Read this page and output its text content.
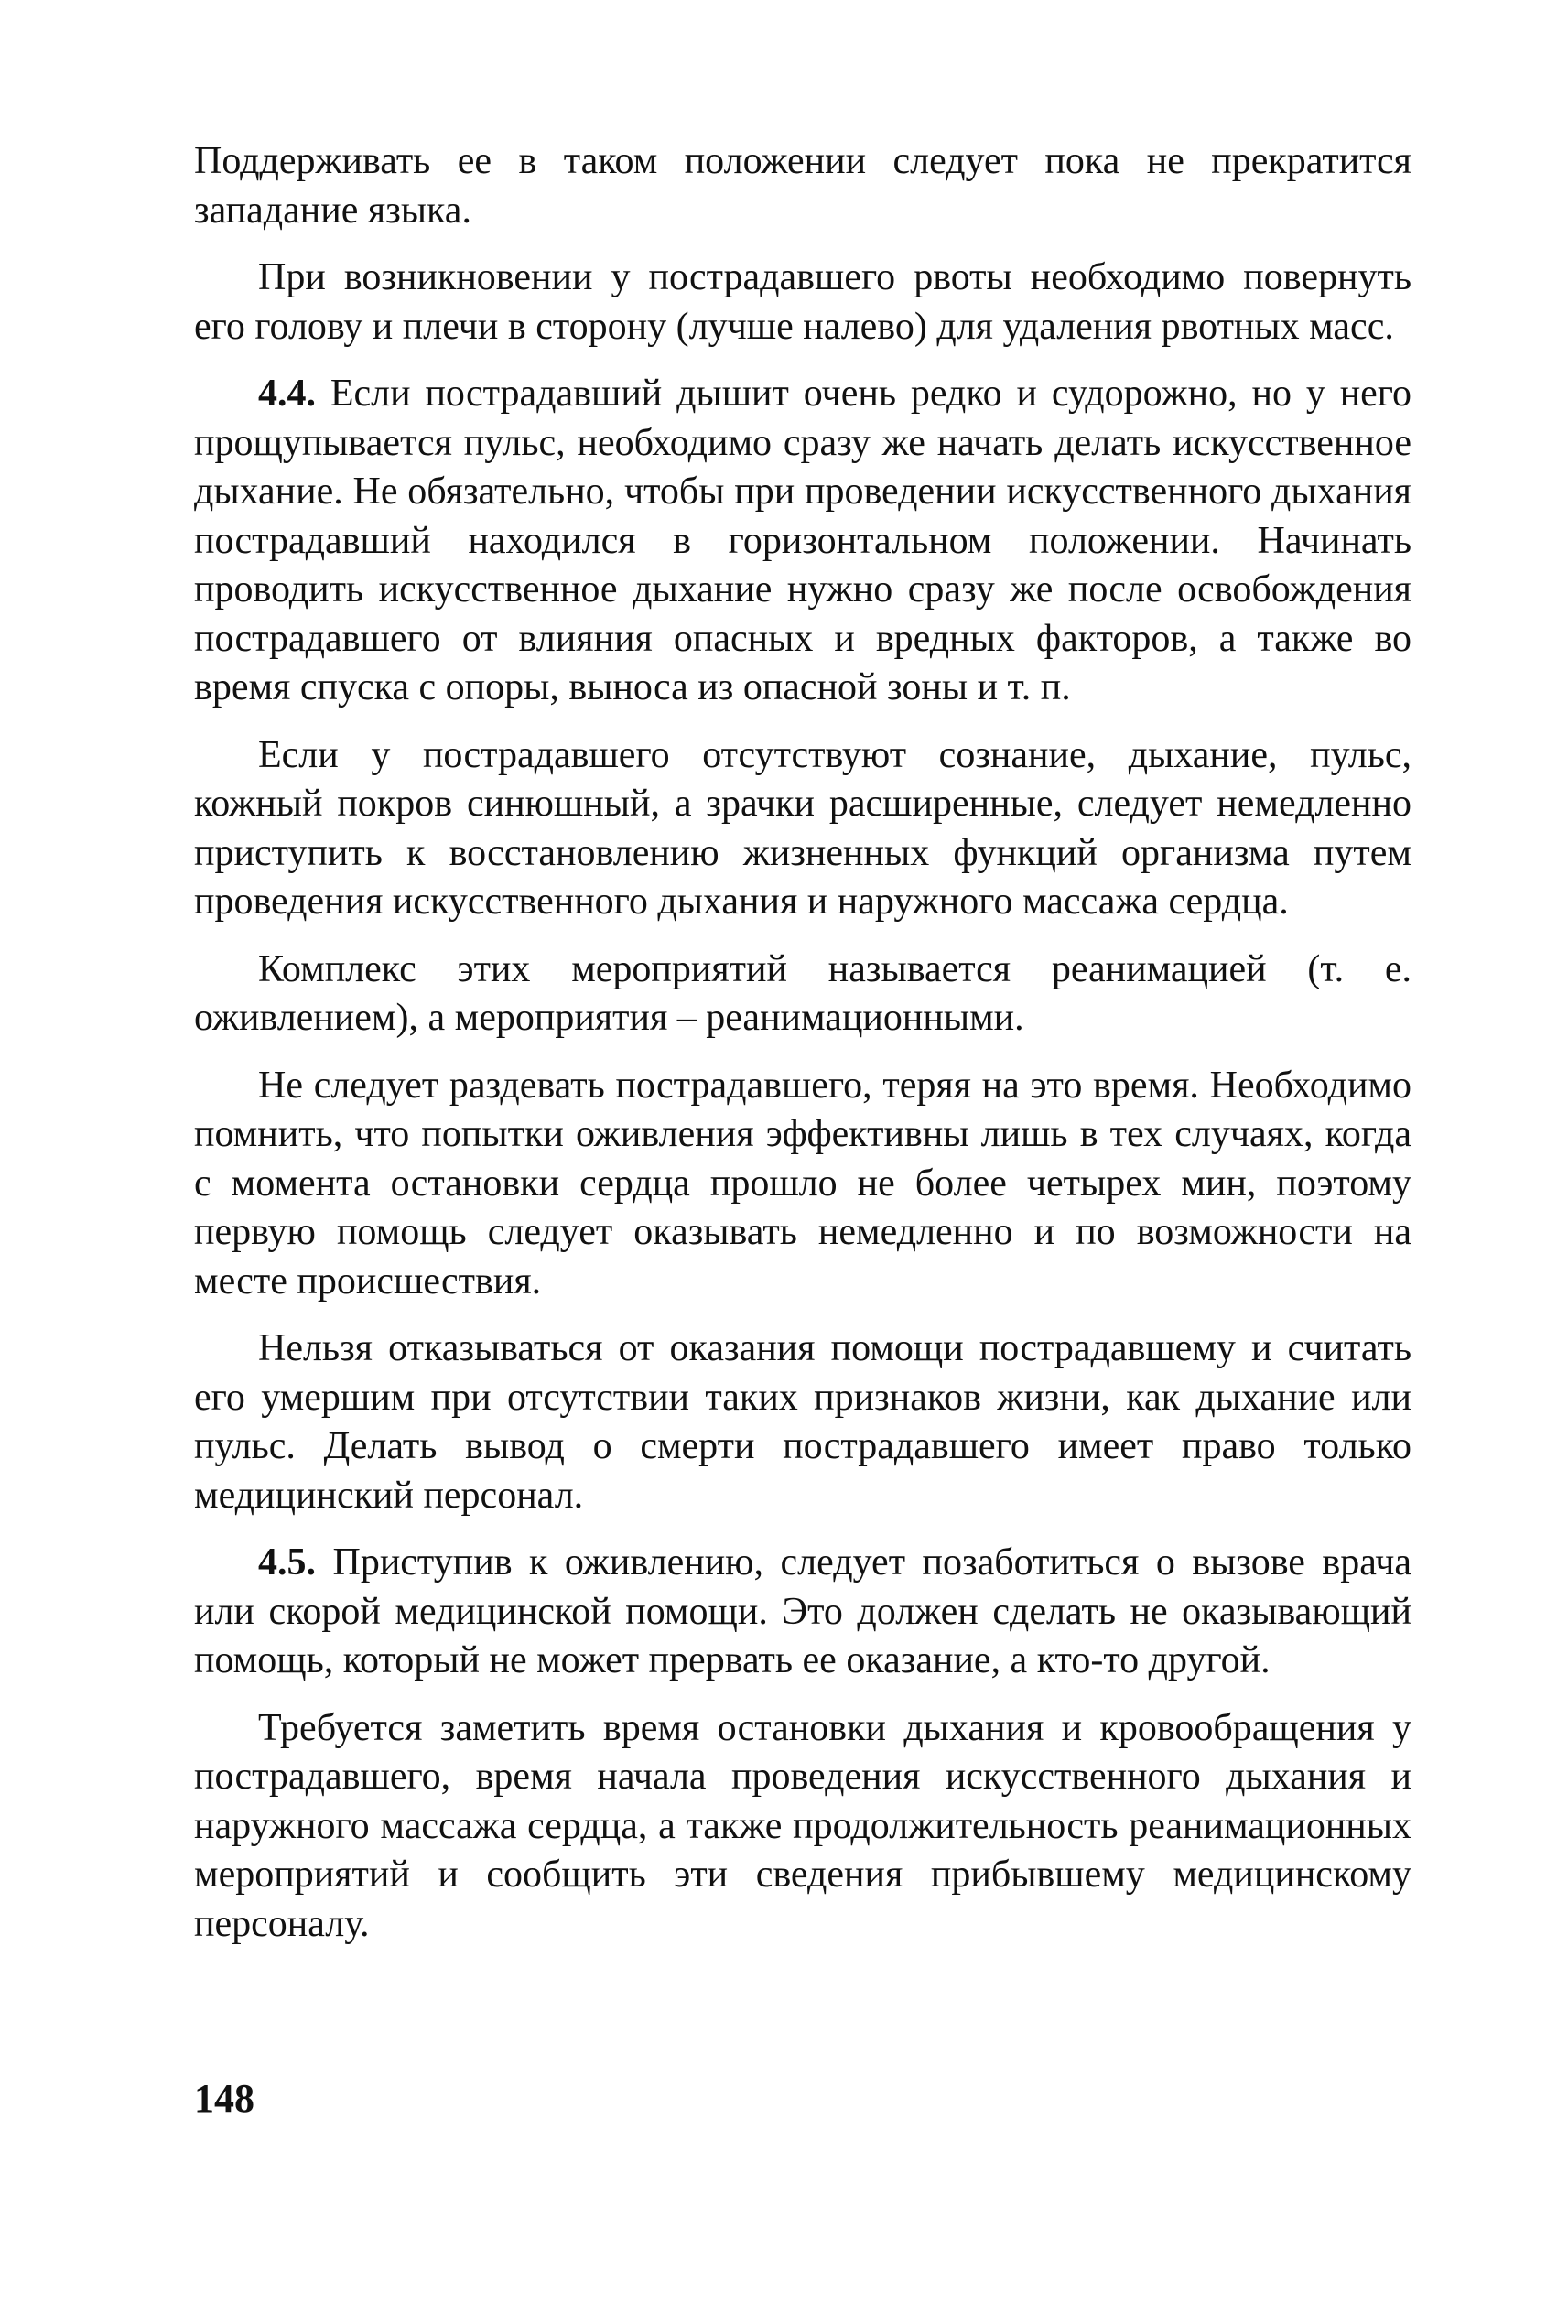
Поддерживать ее в таком положении следует пока не прекратится западание языка.

При возникновении у пострадавшего рвоты необходимо повернуть его голову и плечи в сторону (лучше налево) для удаления рвотных масс.

4.4. Если пострадавший дышит очень редко и судорожно, но у него прощупывается пульс, необходимо сразу же начать делать искусственное дыхание. Не обязательно, чтобы при проведении искусственного дыхания пострадавший находился в горизонтальном положении. Начинать проводить искусственное дыхание нужно сразу же после освобождения пострадавшего от влияния опасных и вредных факторов, а также во время спуска с опоры, выноса из опасной зоны и т. п.

Если у пострадавшего отсутствуют сознание, дыхание, пульс, кожный покров синюшный, а зрачки расширенные, следует немедленно приступить к восстановлению жизненных функций организма путем проведения искусственного дыхания и наружного массажа сердца.

Комплекс этих мероприятий называется реанимацией (т. е. оживлением), а мероприятия – реанимационными.

Не следует раздевать пострадавшего, теряя на это время. Необходимо помнить, что попытки оживления эффективны лишь в тех случаях, когда с момента остановки сердца прошло не более четырех мин, поэтому первую помощь следует оказывать немедленно и по возможности на месте происшествия.

Нельзя отказываться от оказания помощи пострадавшему и считать его умершим при отсутствии таких признаков жизни, как дыхание или пульс. Делать вывод о смерти пострадавшего имеет право только медицинский персонал.

4.5. Приступив к оживлению, следует позаботиться о вызове врача или скорой медицинской помощи. Это должен сделать не оказывающий помощь, который не может прервать ее оказание, а кто-то другой.

Требуется заметить время остановки дыхания и кровообращения у пострадавшего, время начала проведения искусственного дыхания и наружного массажа сердца, а также продолжительность реанимационных мероприятий и сообщить эти сведения прибывшему медицинскому персоналу.

148
